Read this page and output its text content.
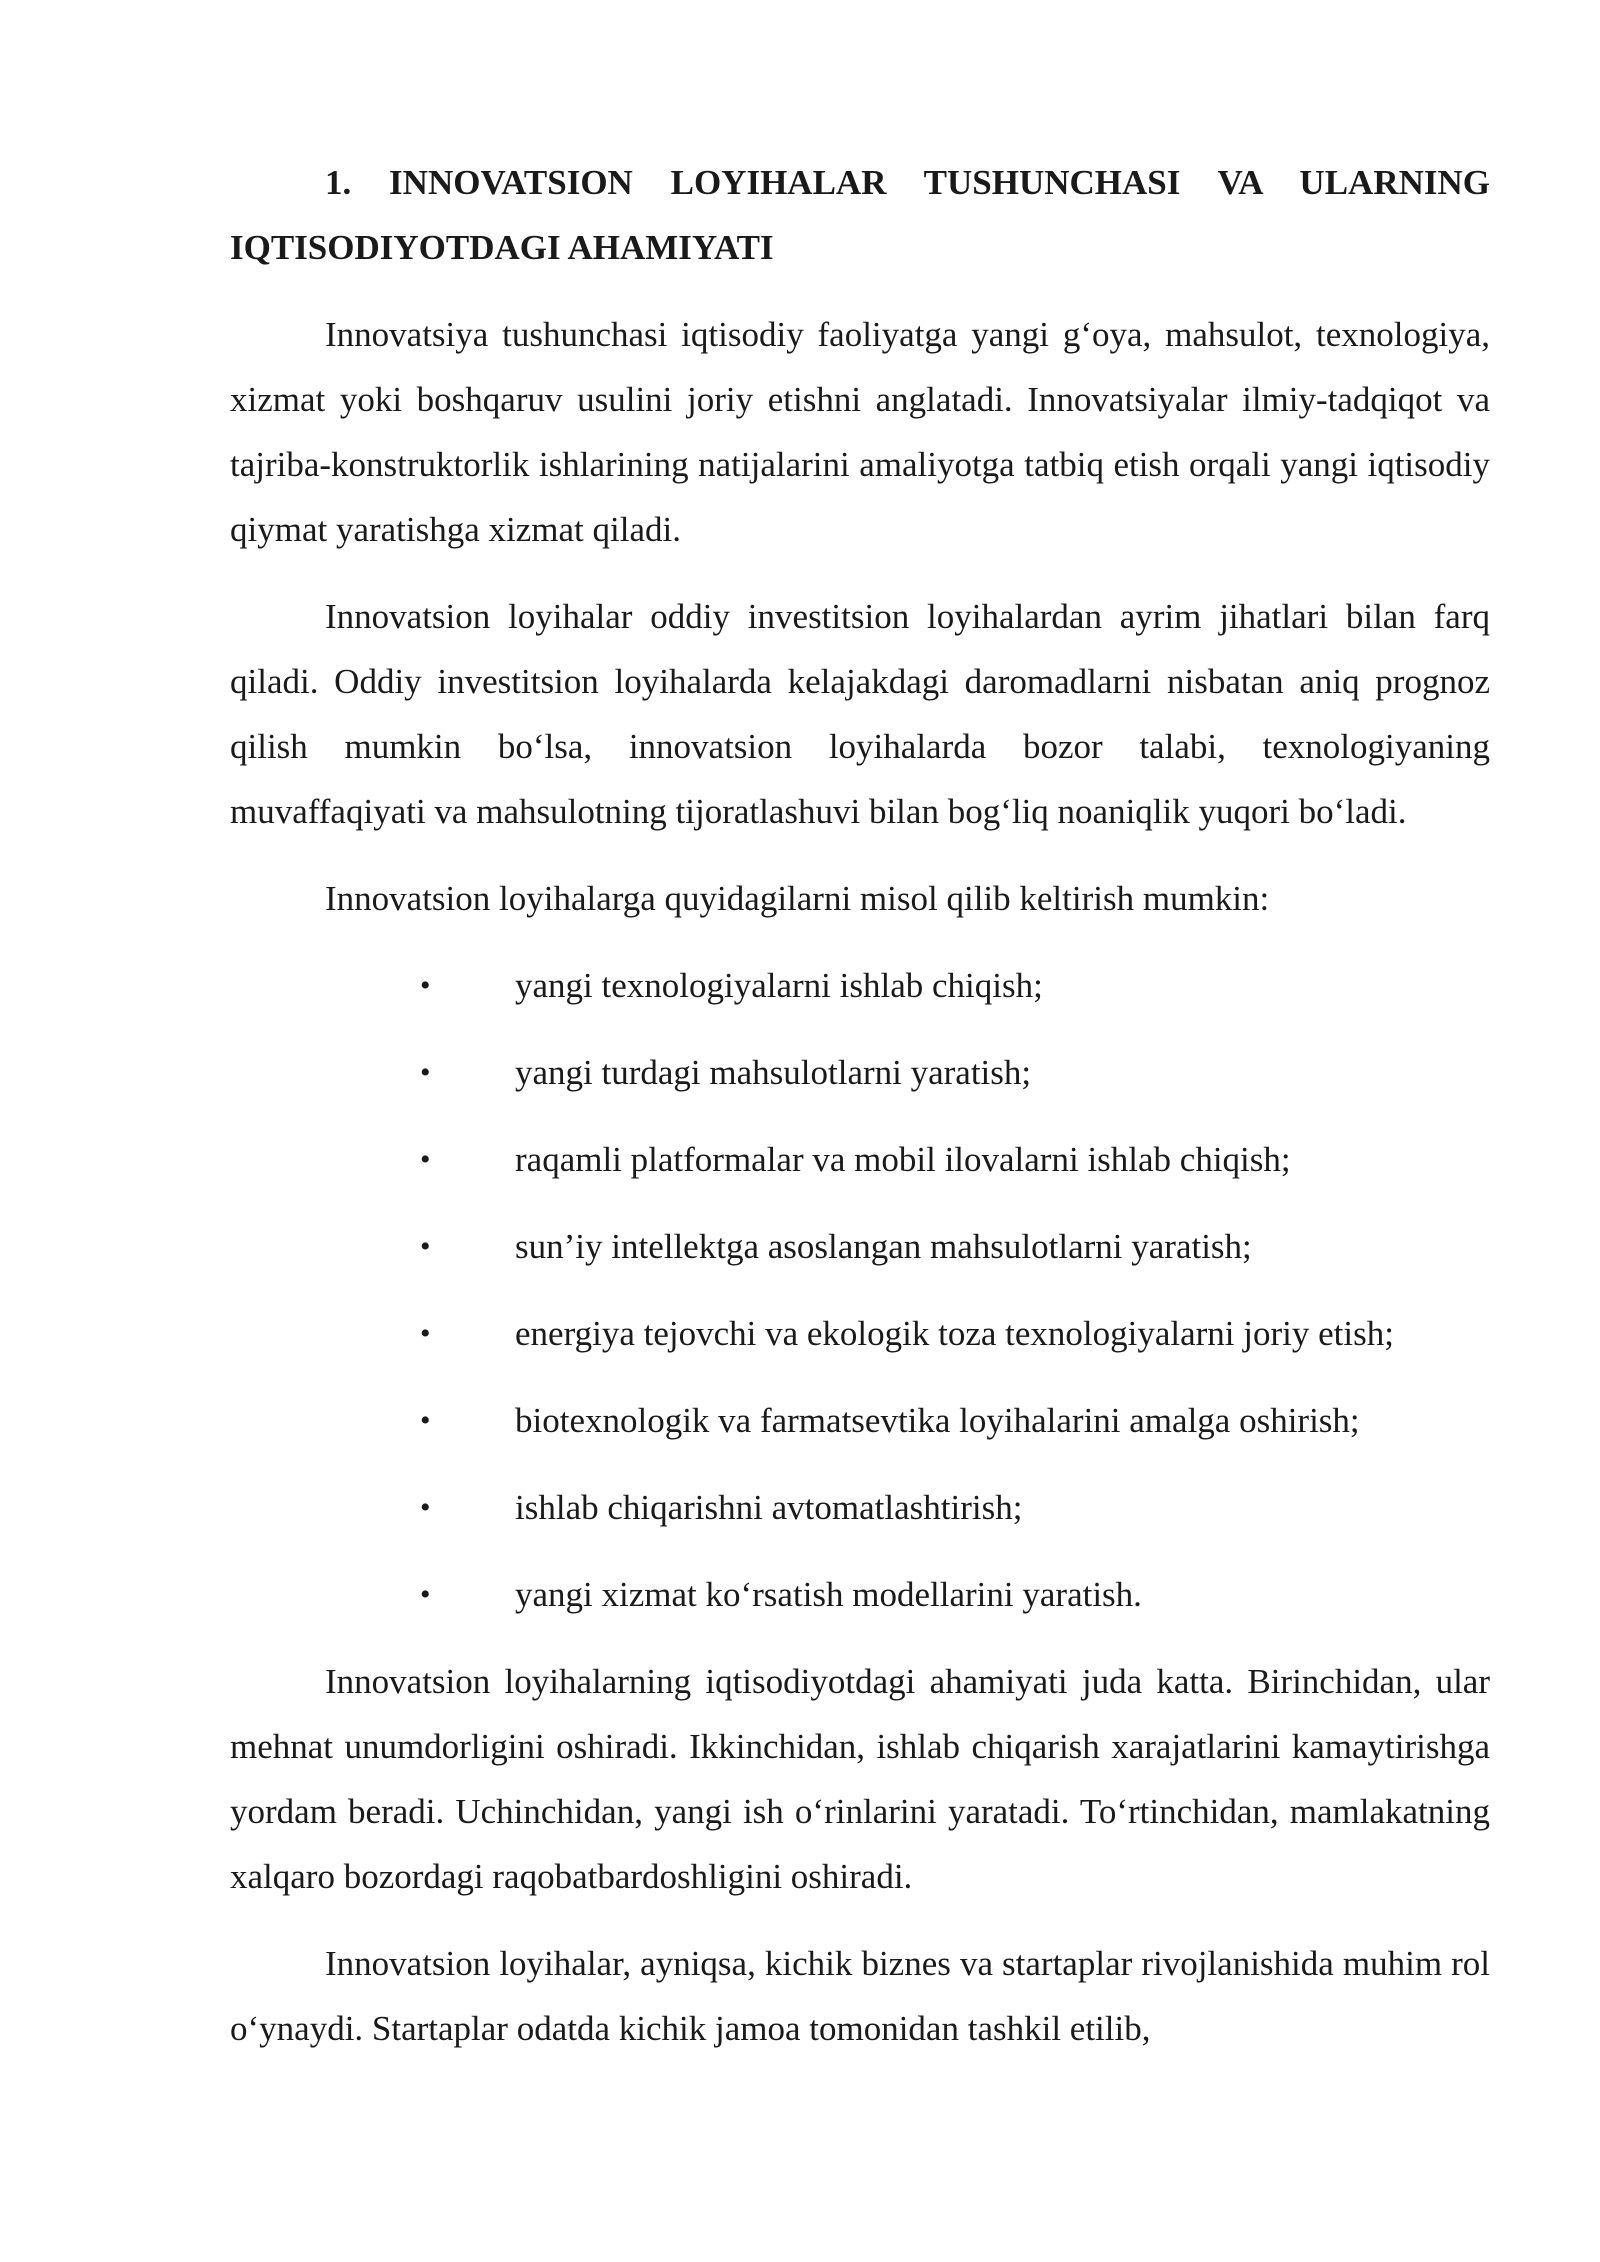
1. INNOVATSION LOYIHALAR TUSHUNCHASI VA ULARNING IQTISODIYOTDAGI AHAMIYATI

Innovatsiya tushunchasi iqtisodiy faoliyatga yangi g‘oya, mahsulot, texnologiya, xizmat yoki boshqaruv usulini joriy etishni anglatadi. Innovatsiyalar ilmiy-tadqiqot va tajriba-konstruktorlik ishlarining natijalarini amaliyotga tatbiq etish orqali yangi iqtisodiy qiymat yaratishga xizmat qiladi.

Innovatsion loyihalar oddiy investitsion loyihalardan ayrim jihatlari bilan farq qiladi. Oddiy investitsion loyihalarda kelajakdagi daromadlarni nisbatan aniq prognoz qilish mumkin bo‘lsa, innovatsion loyihalarda bozor talabi, texnologiyaning muvaffaqiyati va mahsulotning tijoratlashuvi bilan bog‘liq noaniqlik yuqori bo‘ladi.

Innovatsion loyihalarga quyidagilarni misol qilib keltirish mumkin:

• yangi texnologiyalarni ishlab chiqish;
• yangi turdagi mahsulotlarni yaratish;
• raqamli platformalar va mobil ilovalarni ishlab chiqish;
• sun’iy intellektga asoslangan mahsulotlarni yaratish;
• energiya tejovchi va ekologik toza texnologiyalarni joriy etish;
• biotexnologik va farmatsevtika loyihalarini amalga oshirish;
• ishlab chiqarishni avtomatlashtirish;
• yangi xizmat ko‘rsatish modellarini yaratish.

Innovatsion loyihalarning iqtisodiyotdagi ahamiyati juda katta. Birinchidan, ular mehnat unumdorligini oshiradi. Ikkinchidan, ishlab chiqarish xarajatlarini kamaytirishga yordam beradi. Uchinchidan, yangi ish o‘rinlarini yaratadi. To‘rtinchidan, mamlakatning xalqaro bozordagi raqobatbardoshligini oshiradi.

Innovatsion loyihalar, ayniqsa, kichik biznes va startaplar rivojlanishida muhim rol o‘ynaydi. Startaplar odatda kichik jamoa tomonidan tashkil etilib,
